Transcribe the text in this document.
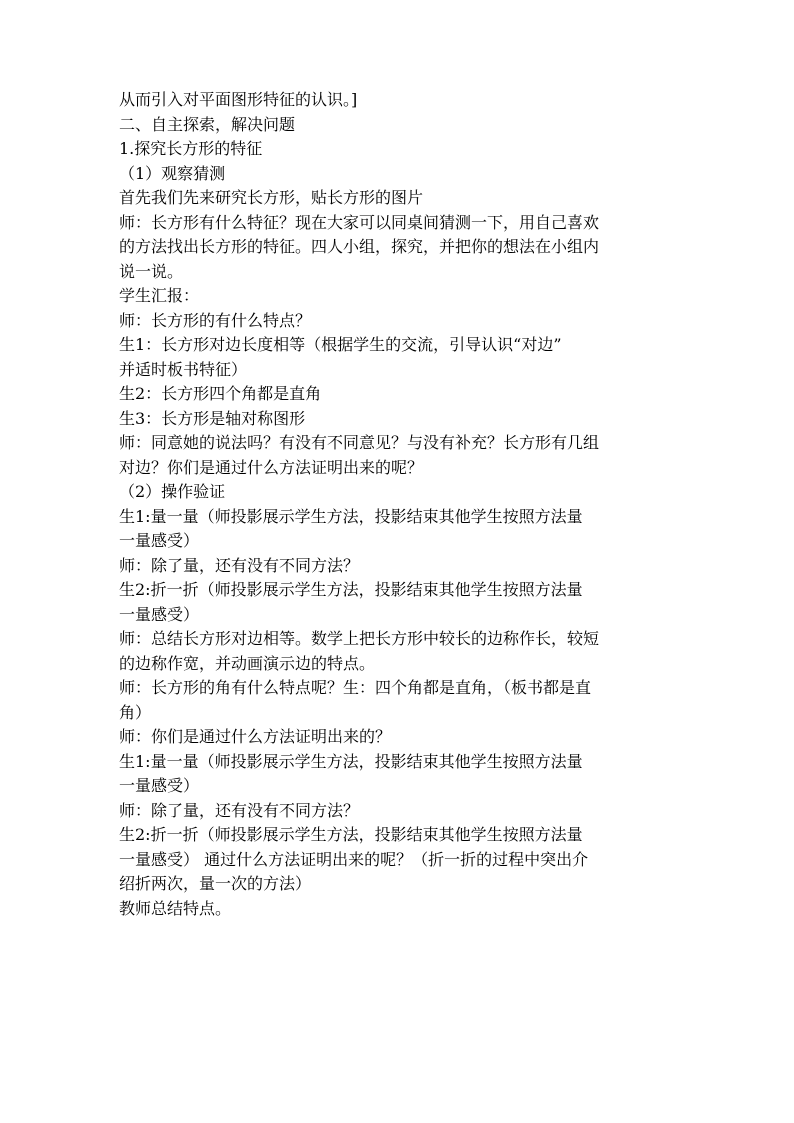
从而引入对平面图形特征的认识。]
二、自主探索，解决问题
1.探究长方形的特征
（1）观察猜测
首先我们先来研究长方形，贴长方形的图片
师：长方形有什么特征？现在大家可以同桌间猜测一下，用自己喜欢
的方法找出长方形的特征。四人小组，探究，并把你的想法在小组内
说一说。
学生汇报：
师：长方形的有什么特点？
生1：长方形对边长度相等（根据学生的交流，引导认识“对边”
并适时板书特征）
生2：长方形四个角都是直角
生3：长方形是轴对称图形
师：同意她的说法吗？有没有不同意见？与没有补充？长方形有几组
对边？你们是通过什么方法证明出来的呢？
（2）操作验证
生1:量一量（师投影展示学生方法，投影结束其他学生按照方法量
一量感受）
师：除了量，还有没有不同方法？
生2:折一折（师投影展示学生方法，投影结束其他学生按照方法量
一量感受）
师：总结长方形对边相等。数学上把长方形中较长的边称作长，较短
的边称作宽，并动画演示边的特点。
师：长方形的角有什么特点呢？生：四个角都是直角，（板书都是直
角）
师：你们是通过什么方法证明出来的？
生1:量一量（师投影展示学生方法，投影结束其他学生按照方法量
一量感受）
师：除了量，还有没有不同方法？
生2:折一折（师投影展示学生方法，投影结束其他学生按照方法量
一量感受） 通过什么方法证明出来的呢？（折一折的过程中突出介
绍折两次，量一次的方法）
教师总结特点。
